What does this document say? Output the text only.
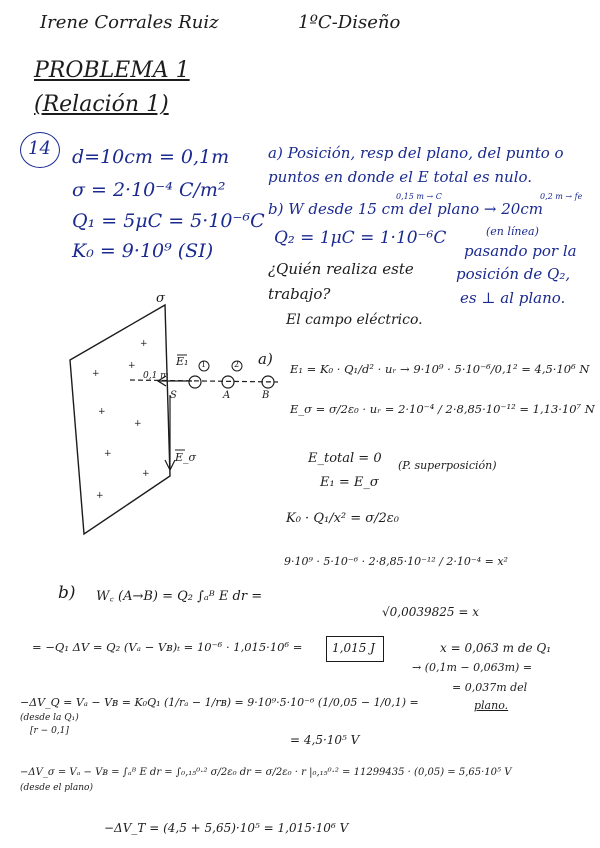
Irene Corrales Ruiz	1ºC-Diseño
PROBLEMA 1
(Relación 1)
14 d=10cm = 0,1m
σ = 2·10⁻⁴ C/m²
Q₁ = 5μC = 5·10⁻⁶C
K₀ = 9·10⁹ (SI)
a) Posición, resp del plano, del punto o
puntos en donde el E total es nulo.
0,15 m → C	0,2 m → fe
b) W desde 15 cm del plano → 20cm
(en línea)
Q₂ = 1μC = 1·10⁻⁶C
pasando por la
posición de Q₂,
es ⊥ al plano.
¿Quién realiza este
trabajo?
El campo eléctrico.
σ
0,1 m
E₁ 1	2
A	B
S
E_σ
+
+
+
+
+
+
+
+
a)
E₁ = K₀ · Q₁/d² · uᵣ → 9·10⁹ · 5·10⁻⁶/0,1² = 4,5·10⁶ N
E_σ = σ/2ε₀ · uᵣ = 2·10⁻⁴ / 2·8,85·10⁻¹² = 1,13·10⁷ N
E_total = 0 (P. superposición)
E₁ = E_σ
K₀ · Q₁/x² = σ/2ε₀
9·10⁹ · 5·10⁻⁶ · 2·8,85·10⁻¹² / 2·10⁻⁴ = x²
√0,0039825 = x
x = 0,063 m de Q₁
→ (0,1m − 0,063m) =
= 0,037m del
plano.
b) W꜀ (A→B) = Q₂ ∫ₐᴮ E dr =
= −Q₁ ΔV = Q₂ (Vₐ − Vʙ)ₜ = 10⁻⁶ · 1,015·10⁶ = 1,015 J
−ΔV_Q = Vₐ − Vʙ = K₀Q₁ (1/rₐ − 1/rʙ) = 9·10⁹·5·10⁻⁶ (1/0,05 − 1/0,1) =
(desde la Q₁)
[r − 0,1]
= 4,5·10⁵ V
−ΔV_σ = Vₐ − Vʙ = ∫ₐᴮ E dr = ∫₀,₁₅⁰·² σ/2ε₀ dr = σ/2ε₀ · r |₀,₁₅⁰·² = 11299435 · (0,05) = 5,65·10⁵ V
(desde el plano)
−ΔV_T = (4,5 + 5,65)·10⁵ = 1,015·10⁶ V
